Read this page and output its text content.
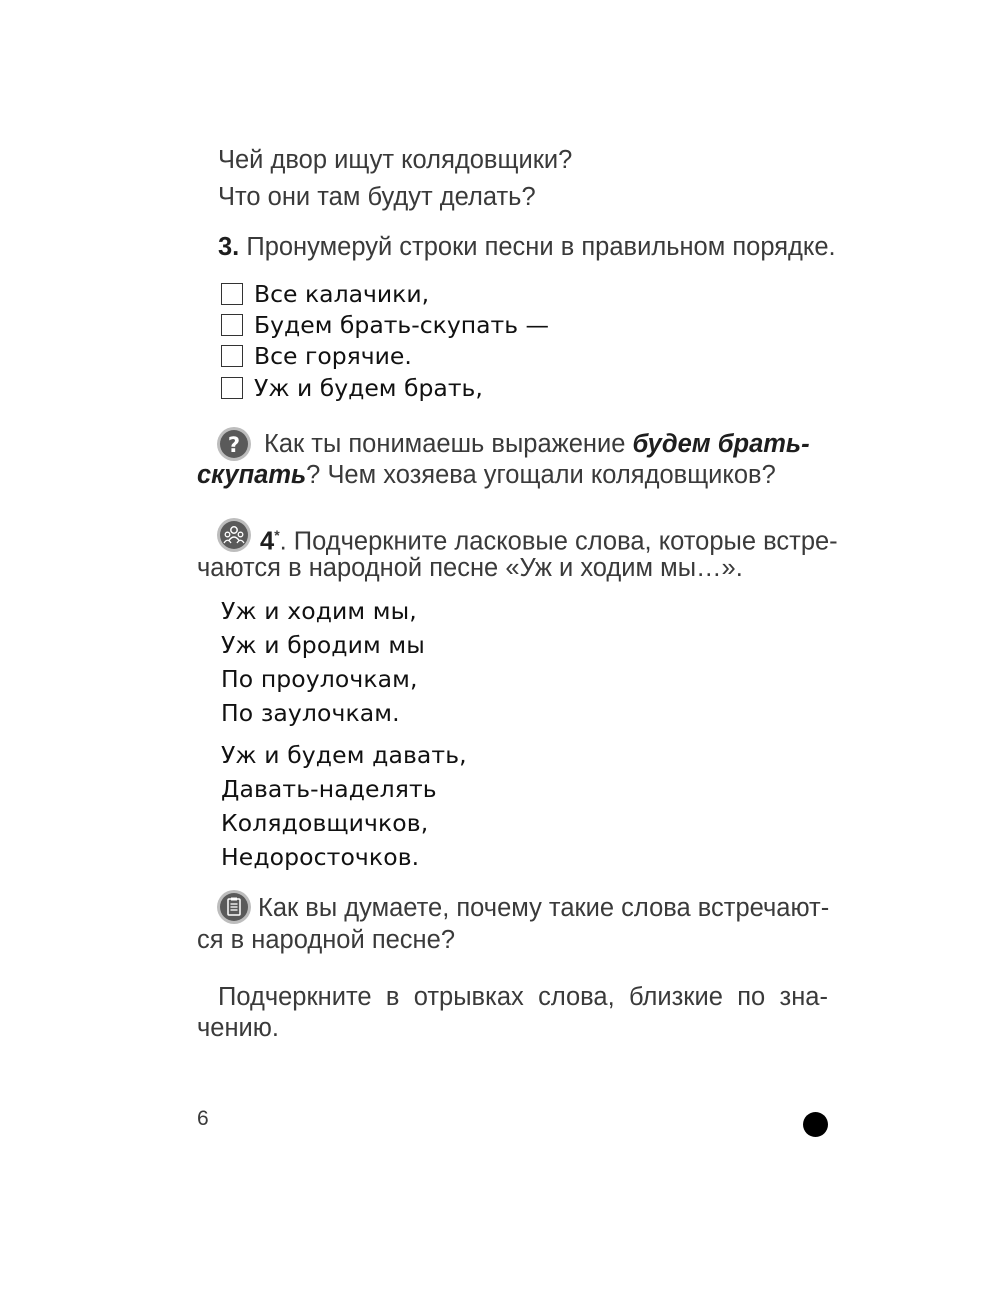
Чей двор ищут колядовщики?

Что они там будут делать?

3. Пронумеруй строки песни в правильном порядке.

Все калачики,
Будем брать-скупать —
Все горячие.
Уж и будем брать,
? Как ты понимаешь выражение будем брать-
скупать? Чем хозяева угощали колядовщиков?

4*. Подчеркните ласковые слова, которые встре-

чаются в народной песне «Уж и ходим мы…».

Уж и ходим мы,

Уж и бродим мы

По проулочкам,

По заулочкам.

Уж и будем давать,

Давать-наделять

Колядовщичков,

Недоросточков.

Как вы думаете, почему такие слова встречают-

ся в народной песне?

Подчеркните в отрывках слова, близкие по зна-

чению.

6
